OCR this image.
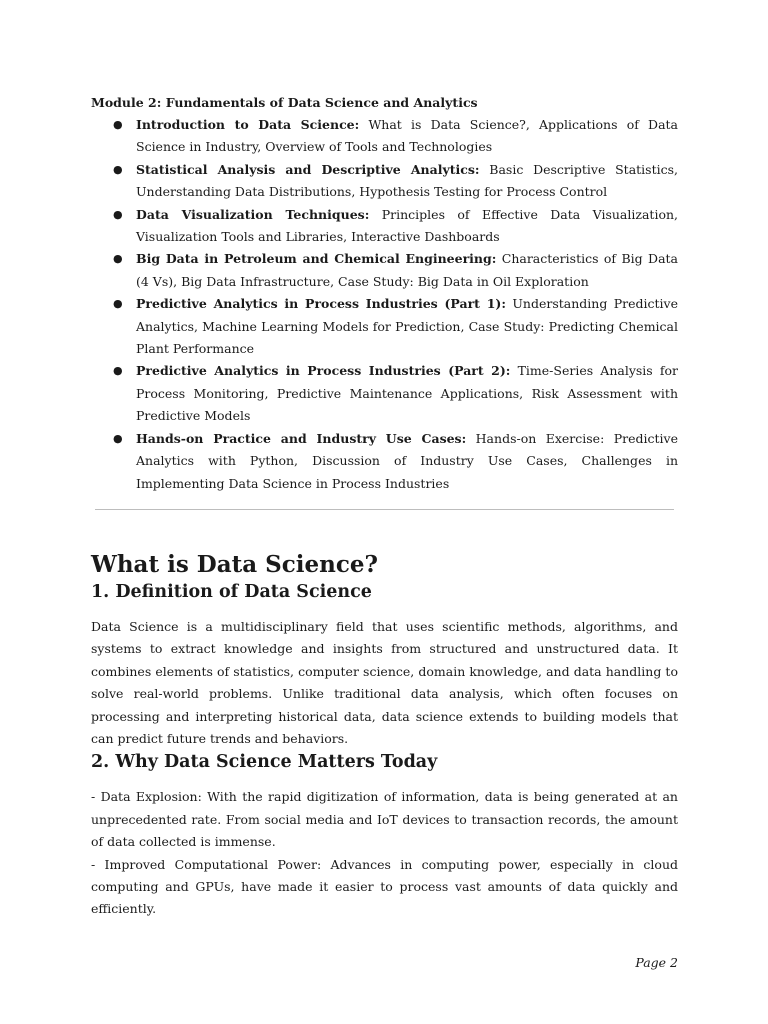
Module 2: Fundamentals of Data Science and Analytics

● Introduction to Data Science: What is Data Science?, Applications of Data Science in Industry, Overview of Tools and Technologies
● Statistical Analysis and Descriptive Analytics: Basic Descriptive Statistics, Understanding Data Distributions, Hypothesis Testing for Process Control
● Data Visualization Techniques: Principles of Effective Data Visualization, Visualization Tools and Libraries, Interactive Dashboards
● Big Data in Petroleum and Chemical Engineering: Characteristics of Big Data (4 Vs), Big Data Infrastructure, Case Study: Big Data in Oil Exploration
● Predictive Analytics in Process Industries (Part 1): Understanding Predictive Analytics, Machine Learning Models for Prediction, Case Study: Predicting Chemical Plant Performance
● Predictive Analytics in Process Industries (Part 2): Time-Series Analysis for Process Monitoring, Predictive Maintenance Applications, Risk Assessment with Predictive Models
● Hands-on Practice and Industry Use Cases: Hands-on Exercise: Predictive Analytics with Python, Discussion of Industry Use Cases, Challenges in Implementing Data Science in Process Industries
What is Data Science?
1. Definition of Data Science

Data Science is a multidisciplinary field that uses scientific methods, algorithms, and systems to extract knowledge and insights from structured and unstructured data. It combines elements of statistics, computer science, domain knowledge, and data handling to solve real-world problems. Unlike traditional data analysis, which often focuses on processing and interpreting historical data, data science extends to building models that can predict future trends and behaviors.

2. Why Data Science Matters Today

- Data Explosion: With the rapid digitization of information, data is being generated at an unprecedented rate. From social media and IoT devices to transaction records, the amount of data collected is immense.

- Improved Computational Power: Advances in computing power, especially in cloud computing and GPUs, have made it easier to process vast amounts of data quickly and efficiently.

Page 2
